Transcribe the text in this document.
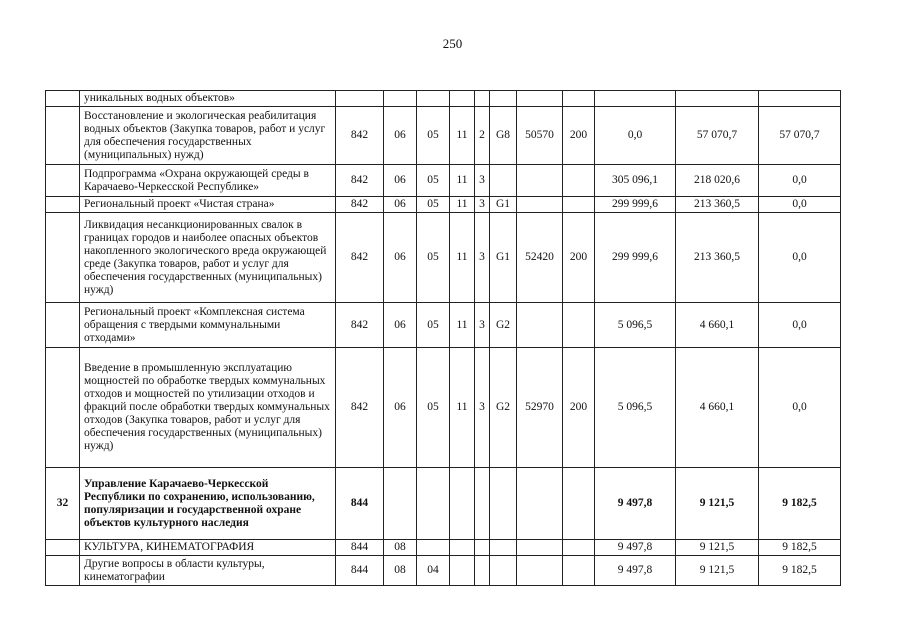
250
	уникальных водных объектов»											
	Восстановление и экологическая реабилитация водных объектов (Закупка товаров, работ и услуг для обеспечения государственных (муниципальных) нужд)	842	06	05	11	2	G8	50570	200	0,0	57 070,7	57 070,7
	Подпрограмма «Охрана окружающей среды в Карачаево-Черкесской Республике»	842	06	05	11	3				305 096,1	218 020,6	0,0
	Региональный проект «Чистая страна»	842	06	05	11	3	G1			299 999,6	213 360,5	0,0
	Ликвидация несанкционированных свалок в границах городов и наиболее опасных объектов накопленного экологического вреда окружающей среде (Закупка товаров, работ и услуг для обеспечения государственных (муниципальных) нужд)	842	06	05	11	3	G1	52420	200	299 999,6	213 360,5	0,0
	Региональный проект «Комплексная система обращения с твердыми коммунальными отходами»	842	06	05	11	3	G2			5 096,5	4 660,1	0,0
	Введение в промышленную эксплуатацию мощностей по обработке твердых коммунальных отходов и мощностей по утилизации отходов и фракций после обработки твердых коммунальных отходов (Закупка товаров, работ и услуг для обеспечения государственных (муниципальных) нужд)	842	06	05	11	3	G2	52970	200	5 096,5	4 660,1	0,0
32	Управление Карачаево-Черкесской Республики по сохранению, использованию, популяризации и государственной охране объектов культурного наследия	844								9 497,8	9 121,5	9 182,5
	КУЛЬТУРА, КИНЕМАТОГРАФИЯ	844	08							9 497,8	9 121,5	9 182,5
	Другие вопросы в области культуры, кинематографии	844	08	04						9 497,8	9 121,5	9 182,5
